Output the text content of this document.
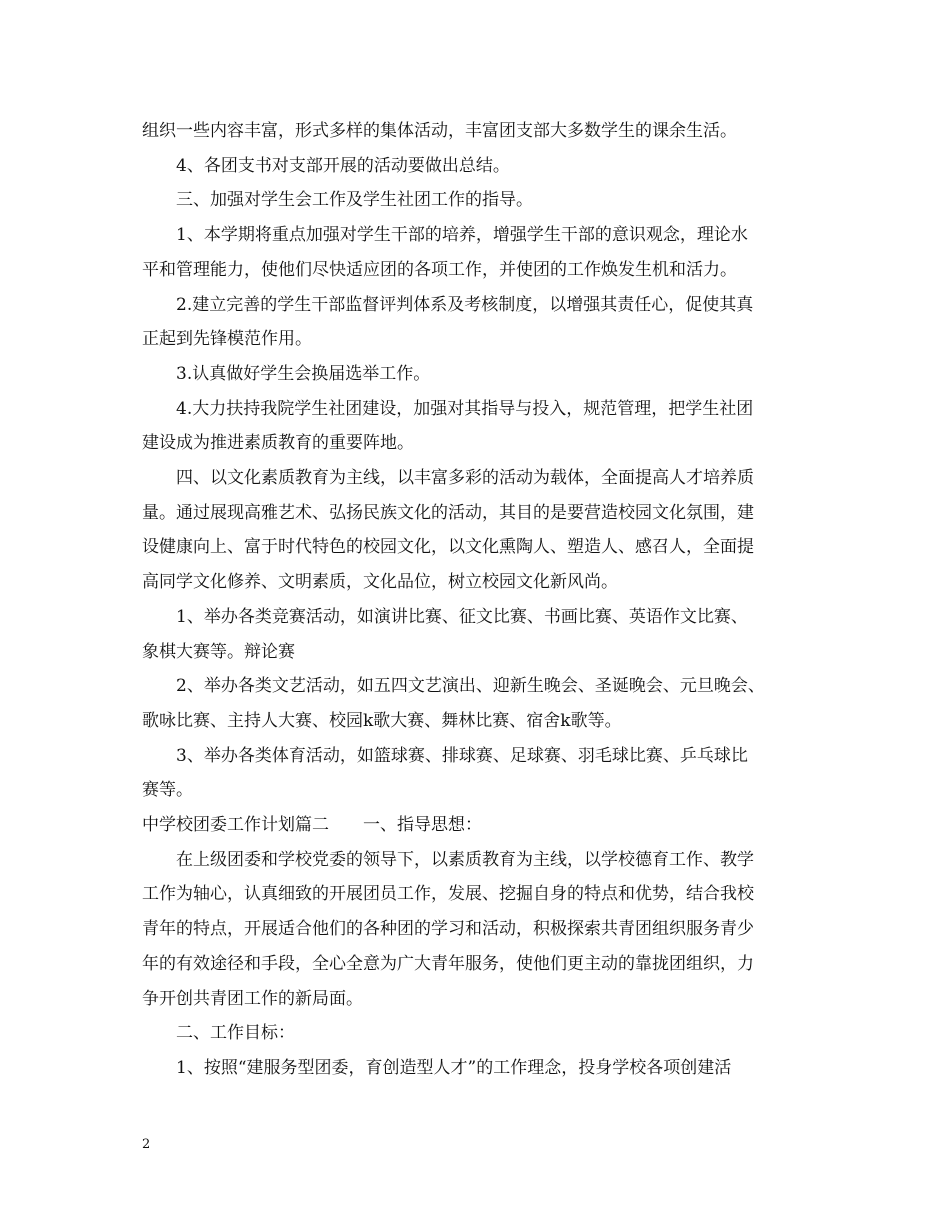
组织一些内容丰富，形式多样的集体活动，丰富团支部大多数学生的课余生活。

　　4、各团支书对支部开展的活动要做出总结。

　　三、加强对学生会工作及学生社团工作的指导。

　　1、本学期将重点加强对学生干部的培养，增强学生干部的意识观念，理论水

平和管理能力，使他们尽快适应团的各项工作，并使团的工作焕发生机和活力。

　　2.建立完善的学生干部监督评判体系及考核制度，以增强其责任心，促使其真

正起到先锋模范作用。

　　3.认真做好学生会换届选举工作。

　　4.大力扶持我院学生社团建设，加强对其指导与投入，规范管理，把学生社团

建设成为推进素质教育的重要阵地。

　　四、以文化素质教育为主线，以丰富多彩的活动为载体，全面提高人才培养质

量。通过展现高雅艺术、弘扬民族文化的活动，其目的是要营造校园文化氛围，建

设健康向上、富于时代特色的校园文化，以文化熏陶人、塑造人、感召人，全面提

高同学文化修养、文明素质，文化品位，树立校园文化新风尚。

　　1、举办各类竞赛活动，如演讲比赛、征文比赛、书画比赛、英语作文比赛、

象棋大赛等。辩论赛

　　2、举办各类文艺活动，如五四文艺演出、迎新生晚会、圣诞晚会、元旦晚会、

歌咏比赛、主持人大赛、校园k歌大赛、舞林比赛、宿舍k歌等。

　　3、举办各类体育活动，如篮球赛、排球赛、足球赛、羽毛球比赛、乒乓球比

赛等。

中学校团委工作计划篇二　　一、指导思想：

　　在上级团委和学校党委的领导下，以素质教育为主线，以学校德育工作、教学

工作为轴心，认真细致的开展团员工作，发展、挖掘自身的特点和优势，结合我校

青年的特点，开展适合他们的各种团的学习和活动，积极探索共青团组织服务青少

年的有效途径和手段，全心全意为广大青年服务，使他们更主动的靠拢团组织，力

争开创共青团工作的新局面。

　　二、工作目标：

　　1、按照“建服务型团委，育创造型人才”的工作理念，投身学校各项创建活

2
